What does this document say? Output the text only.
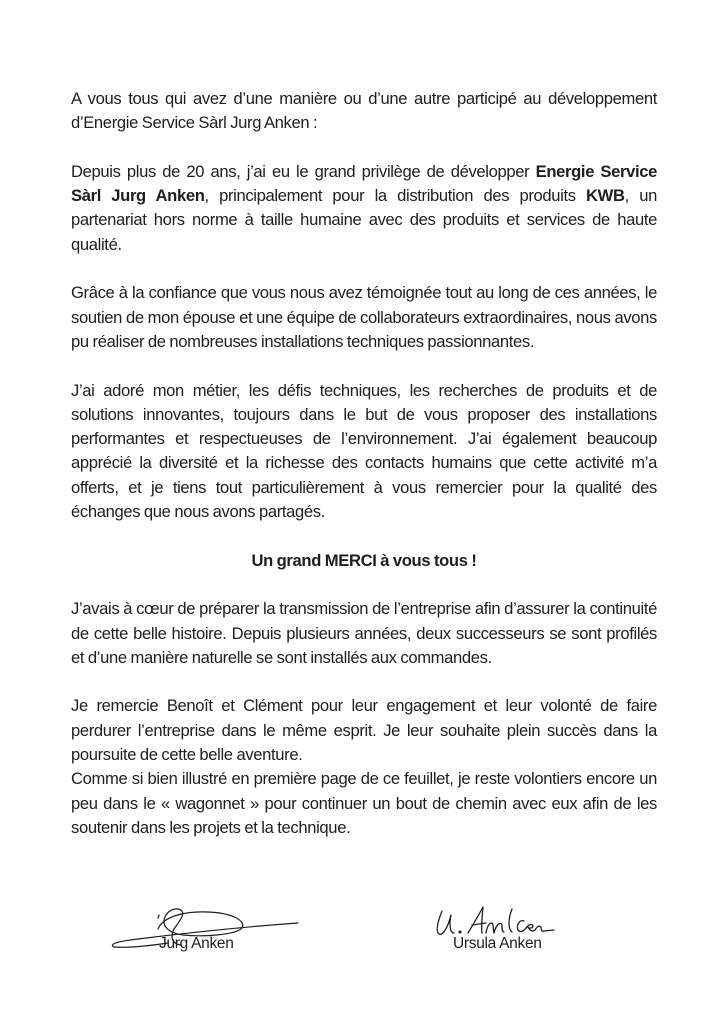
A vous tous qui avez d’une manière ou d’une autre participé au développement d’Energie Service Sàrl Jurg Anken :

Depuis plus de 20 ans, j’ai eu le grand privilège de développer Energie Service Sàrl Jurg Anken, principalement pour la distribution des produits KWB, un partenariat hors norme à taille humaine avec des produits et services de haute qualité.

Grâce à la confiance que vous nous avez témoignée tout au long de ces années, le soutien de mon épouse et une équipe de collaborateurs extraordinaires, nous avons pu réaliser de nombreuses installations techniques passionnantes.

J’ai adoré mon métier, les défis techniques, les recherches de produits et de solutions innovantes, toujours dans le but de vous proposer des installations performantes et respectueuses de l’environnement. J’ai également beaucoup apprécié la diversité et la richesse des contacts humains que cette activité m’a offerts, et je tiens tout particulièrement à vous remercier pour la qualité des échanges que nous avons partagés.

Un grand MERCI à vous tous !

J’avais à cœur de préparer la transmission de l’entreprise afin d’assurer la continuité de cette belle histoire. Depuis plusieurs années, deux successeurs se sont profilés et d’une manière naturelle se sont installés aux commandes.

Je remercie Benoît et Clément pour leur engagement et leur volonté de faire perdurer l’entreprise dans le même esprit. Je leur souhaite plein succès dans la poursuite de cette belle aventure.

Comme si bien illustré en première page de ce feuillet, je reste volontiers encore un peu dans le « wagonnet » pour continuer un bout de chemin avec eux afin de les soutenir dans les projets et la technique.

Jurg Anken	Ursula Anken
